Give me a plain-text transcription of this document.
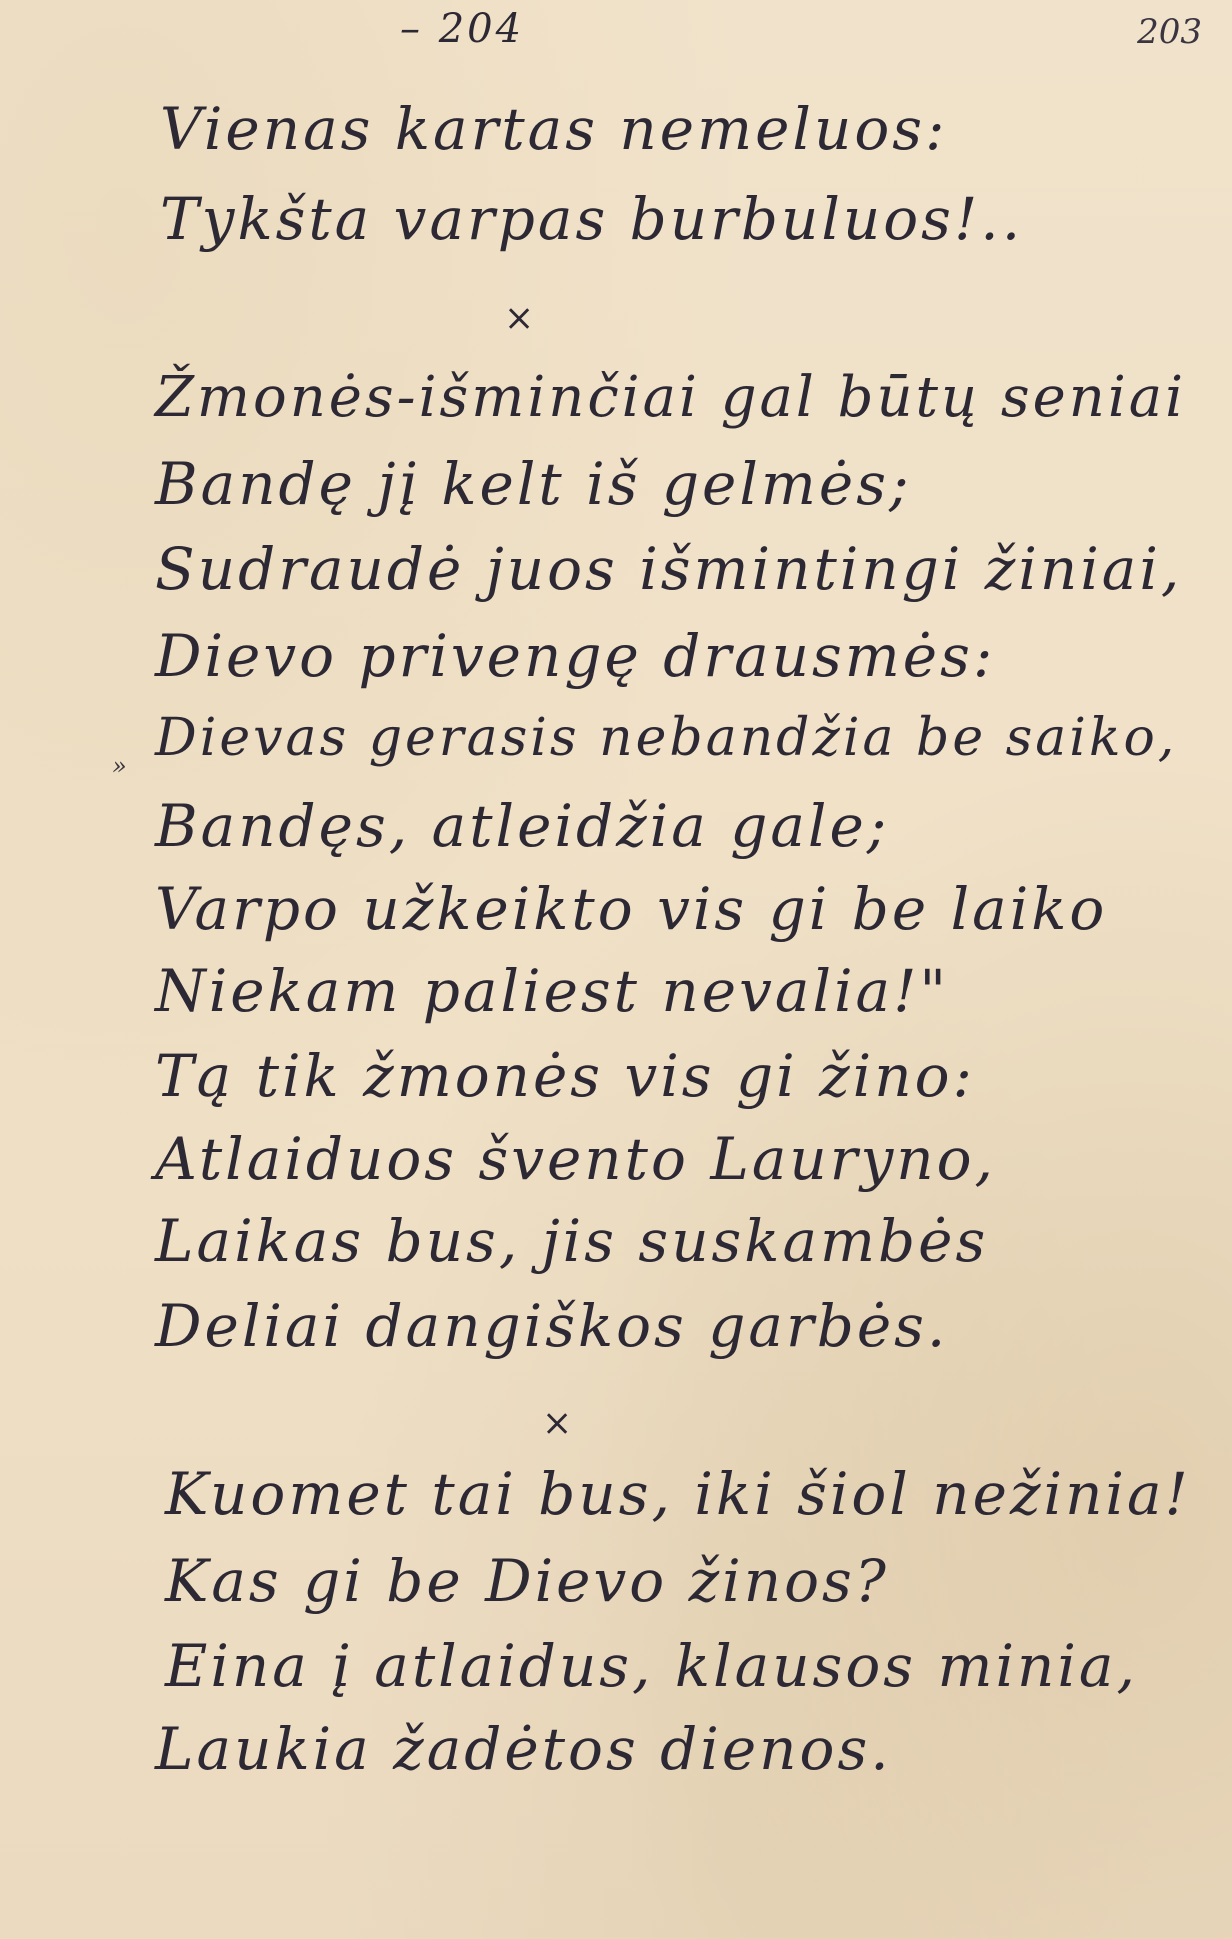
– 204	203
Vienas kartas nemeluos:
Tykšta varpas burbuluos!..
×
Žmonės-išminčiai gal būtų seniai
Bandę jį kelt iš gelmės;
Sudraudė juos išmintingi žiniai,
Dievo privengę drausmės:
» Dievas gerasis nebandžia be saiko,
Bandęs, atleidžia gale;
Varpo užkeikto vis gi be laiko
Niekam paliest nevalia!"
Tą tik žmonės vis gi žino:
Atlaiduos švento Lauryno,
Laikas bus, jis suskambės
Deliai dangiškos garbės.
×
Kuomet tai bus, iki šiol nežinia!
Kas gi be Dievo žinos?
Eina į atlaidus, klausos minia,
Laukia žadėtos dienos.
